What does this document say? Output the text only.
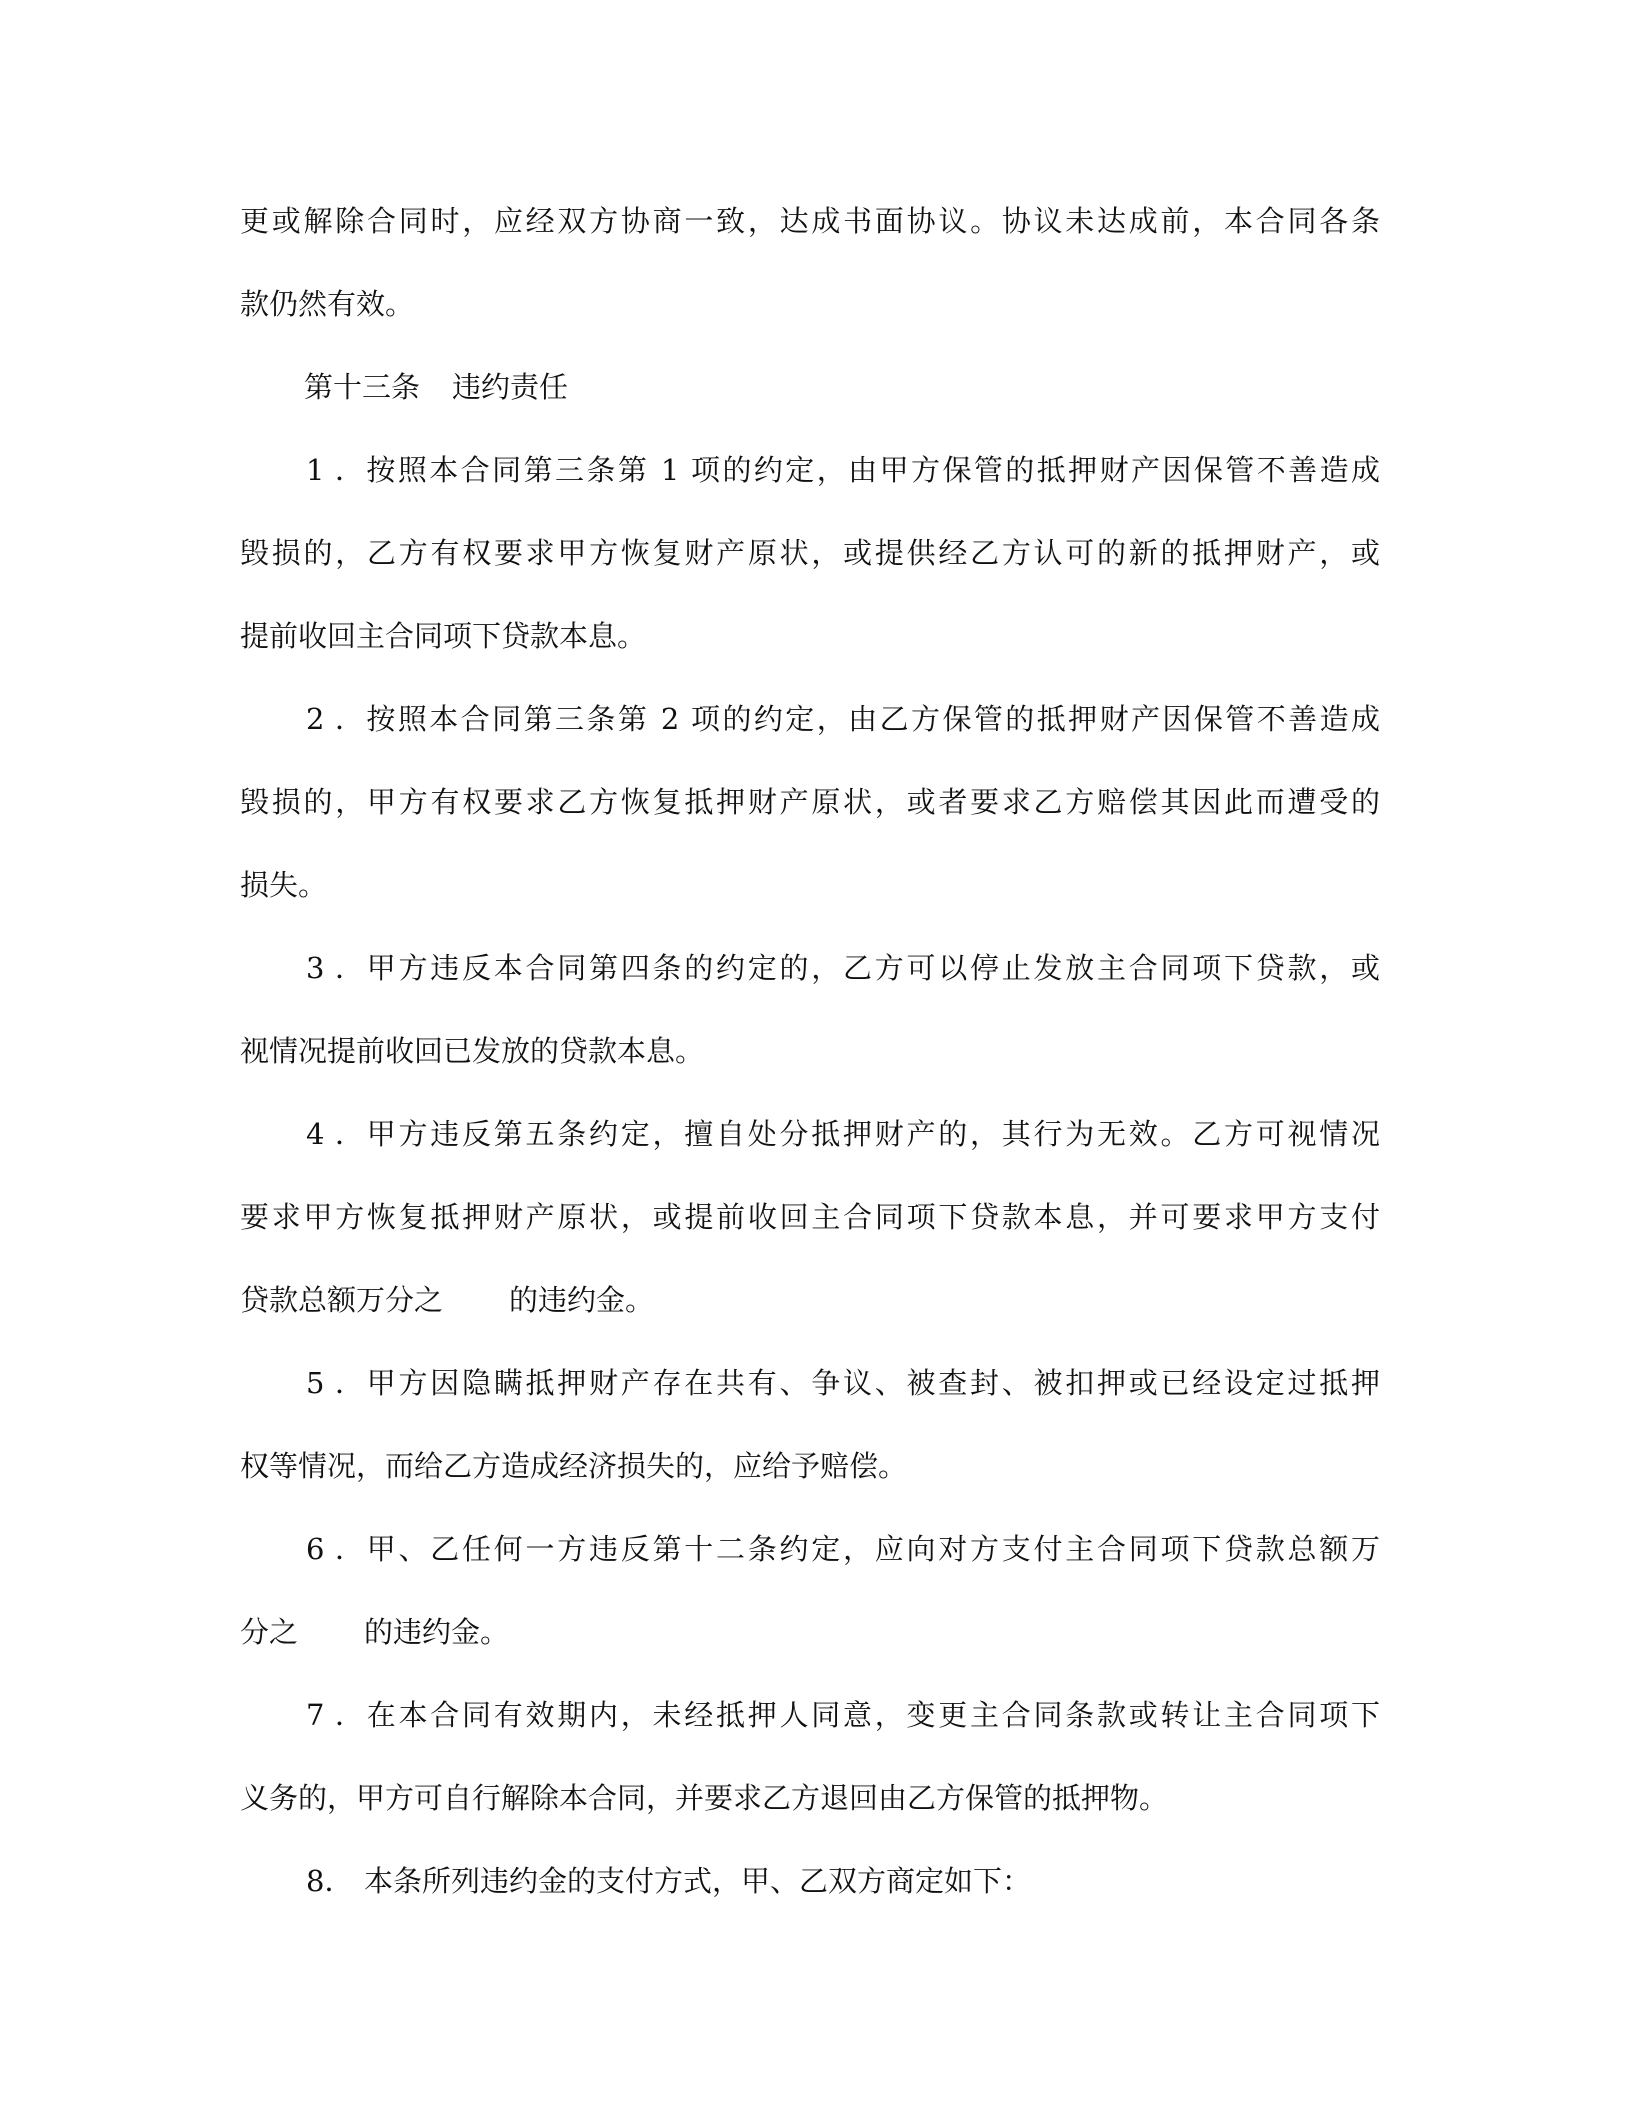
更或解除合同时，应经双方协商一致，达成书面协议。协议未达成前，本合同各条
款仍然有效。
第十三条 违约责任
1．按照本合同第三条第 1 项的约定，由甲方保管的抵押财产因保管不善造成
毁损的，乙方有权要求甲方恢复财产原状，或提供经乙方认可的新的抵押财产，或
提前收回主合同项下贷款本息。
2．按照本合同第三条第 2 项的约定，由乙方保管的抵押财产因保管不善造成
毁损的，甲方有权要求乙方恢复抵押财产原状，或者要求乙方赔偿其因此而遭受的
损失。
3．甲方违反本合同第四条的约定的，乙方可以停止发放主合同项下贷款，或
视情况提前收回已发放的贷款本息。
4．甲方违反第五条约定，擅自处分抵押财产的，其行为无效。乙方可视情况
要求甲方恢复抵押财产原状，或提前收回主合同项下贷款本息，并可要求甲方支付
贷款总额万分之 的违约金。
5．甲方因隐瞒抵押财产存在共有、争议、被查封、被扣押或已经设定过抵押
权等情况，而给乙方造成经济损失的，应给予赔偿。
6．甲、乙任何一方违反第十二条约定，应向对方支付主合同项下贷款总额万
分之 的违约金。
7．在本合同有效期内，未经抵押人同意，变更主合同条款或转让主合同项下
义务的，甲方可自行解除本合同，并要求乙方退回由乙方保管的抵押物。
8． 本条所列违约金的支付方式，甲、乙双方商定如下：
